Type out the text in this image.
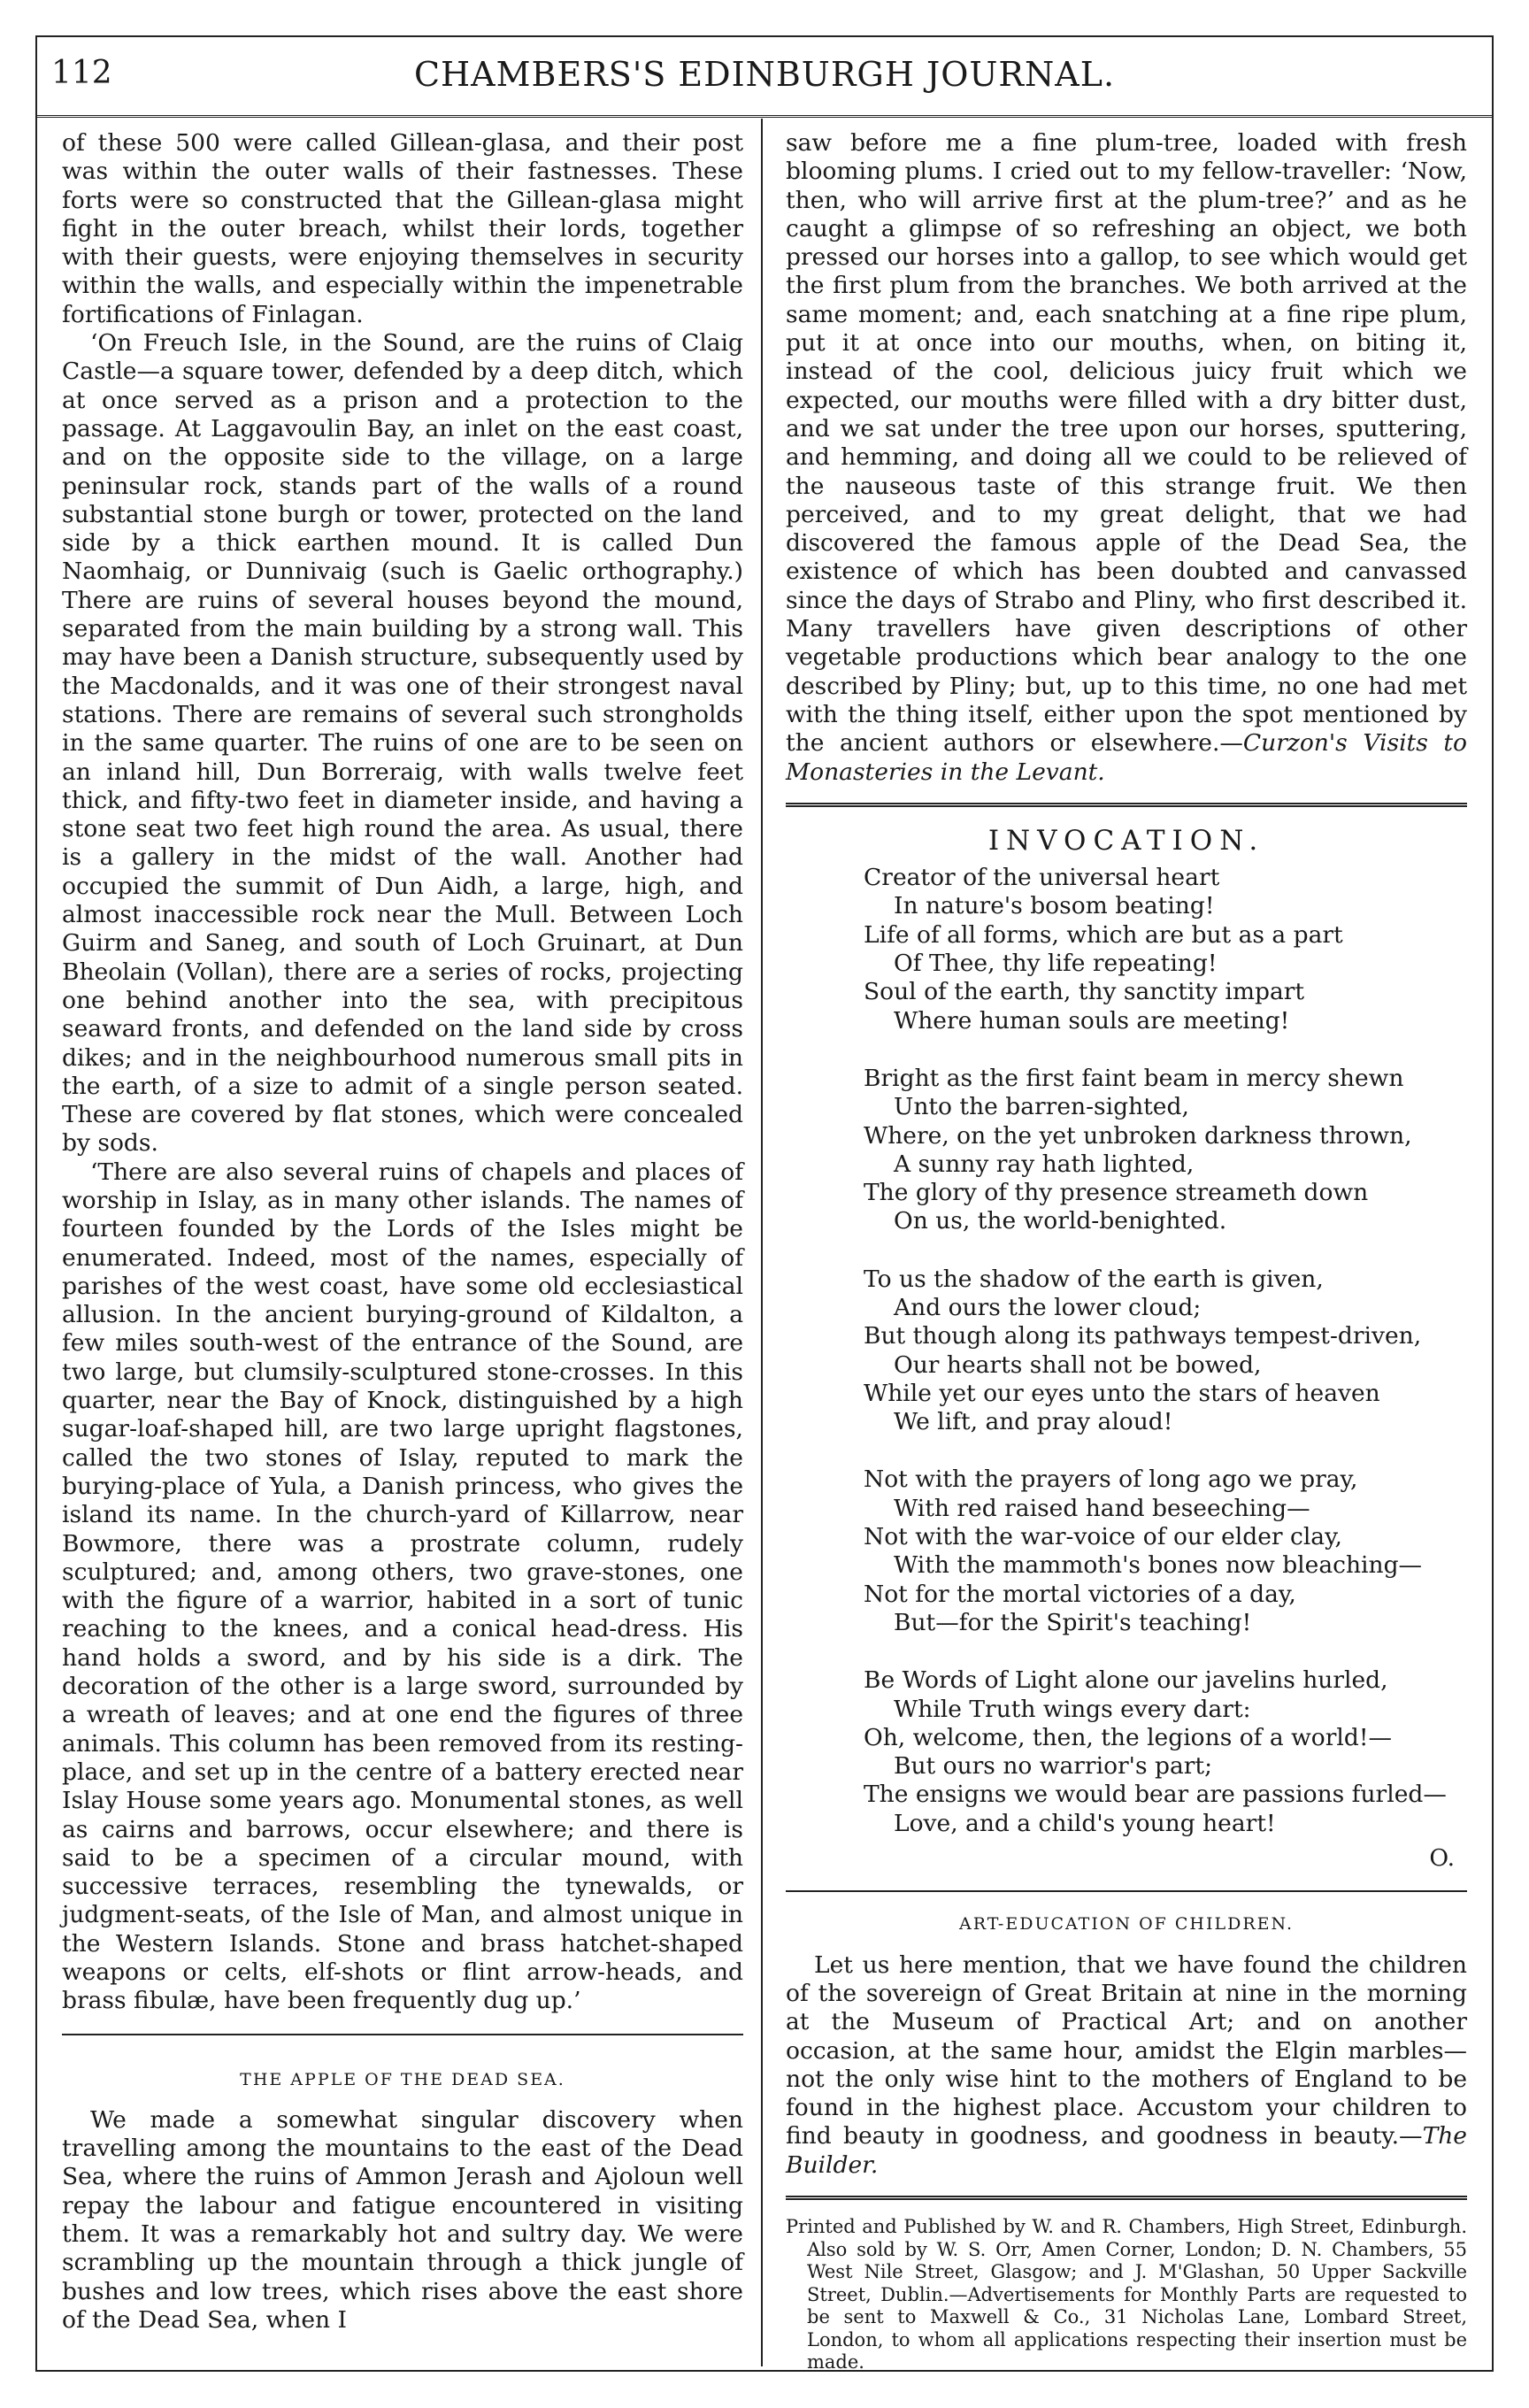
112	CHAMBERS'S EDINBURGH JOURNAL.

of these 500 were called Gillean-glasa, and their post was within the outer walls of their fastnesses. These forts were so constructed that the Gillean-glasa might fight in the outer breach, whilst their lords, together with their guests, were enjoying themselves in security within the walls, and especially within the impenetrable fortifications of Finlagan.

‘On Freuch Isle, in the Sound, are the ruins of Claig Castle—a square tower, defended by a deep ditch, which at once served as a prison and a protection to the passage. At Laggavoulin Bay, an inlet on the east coast, and on the opposite side to the village, on a large peninsular rock, stands part of the walls of a round substantial stone burgh or tower, protected on the land side by a thick earthen mound. It is called Dun Naomhaig, or Dunnivaig (such is Gaelic orthography.) There are ruins of several houses beyond the mound, separated from the main building by a strong wall. This may have been a Danish structure, subsequently used by the Macdonalds, and it was one of their strongest naval stations. There are remains of several such strongholds in the same quarter. The ruins of one are to be seen on an inland hill, Dun Borreraig, with walls twelve feet thick, and fifty-two feet in diameter inside, and having a stone seat two feet high round the area. As usual, there is a gallery in the midst of the wall. Another had occupied the summit of Dun Aidh, a large, high, and almost inaccessible rock near the Mull. Between Loch Guirm and Saneg, and south of Loch Gruinart, at Dun Bheolain (Vollan), there are a series of rocks, projecting one behind another into the sea, with precipitous seaward fronts, and defended on the land side by cross dikes; and in the neighbourhood numerous small pits in the earth, of a size to admit of a single person seated. These are covered by flat stones, which were concealed by sods.

‘There are also several ruins of chapels and places of worship in Islay, as in many other islands. The names of fourteen founded by the Lords of the Isles might be enumerated. Indeed, most of the names, especially of parishes of the west coast, have some old ecclesiastical allusion. In the ancient burying-ground of Kildalton, a few miles south-west of the entrance of the Sound, are two large, but clumsily-sculptured stone-crosses. In this quarter, near the Bay of Knock, distinguished by a high sugar-loaf-shaped hill, are two large upright flagstones, called the two stones of Islay, reputed to mark the burying-place of Yula, a Danish princess, who gives the island its name. In the church-yard of Killarrow, near Bowmore, there was a prostrate column, rudely sculptured; and, among others, two grave-stones, one with the figure of a warrior, habited in a sort of tunic reaching to the knees, and a conical head-dress. His hand holds a sword, and by his side is a dirk. The decoration of the other is a large sword, surrounded by a wreath of leaves; and at one end the figures of three animals. This column has been removed from its resting-place, and set up in the centre of a battery erected near Islay House some years ago. Monumental stones, as well as cairns and barrows, occur elsewhere; and there is said to be a specimen of a circular mound, with successive terraces, resembling the tynewalds, or judgment-seats, of the Isle of Man, and almost unique in the Western Islands. Stone and brass hatchet-shaped weapons or celts, elf-shots or flint arrow-heads, and brass fibulæ, have been frequently dug up.’

THE APPLE OF THE DEAD SEA.

We made a somewhat singular discovery when travelling among the mountains to the east of the Dead Sea, where the ruins of Ammon Jerash and Ajoloun well repay the labour and fatigue encountered in visiting them. It was a remarkably hot and sultry day. We were scrambling up the mountain through a thick jungle of bushes and low trees, which rises above the east shore of the Dead Sea, when I

saw before me a fine plum-tree, loaded with fresh blooming plums. I cried out to my fellow-traveller: ‘Now, then, who will arrive first at the plum-tree?’ and as he caught a glimpse of so refreshing an object, we both pressed our horses into a gallop, to see which would get the first plum from the branches. We both arrived at the same moment; and, each snatching at a fine ripe plum, put it at once into our mouths, when, on biting it, instead of the cool, delicious juicy fruit which we expected, our mouths were filled with a dry bitter dust, and we sat under the tree upon our horses, sputtering, and hemming, and doing all we could to be relieved of the nauseous taste of this strange fruit. We then perceived, and to my great delight, that we had discovered the famous apple of the Dead Sea, the existence of which has been doubted and canvassed since the days of Strabo and Pliny, who first described it. Many travellers have given descriptions of other vegetable productions which bear analogy to the one described by Pliny; but, up to this time, no one had met with the thing itself, either upon the spot mentioned by the ancient authors or elsewhere.—Curzon's Visits to Monasteries in the Levant.

INVOCATION.
Creator of the universal heart
In nature's bosom beating!
Life of all forms, which are but as a part
Of Thee, thy life repeating!
Soul of the earth, thy sanctity impart
Where human souls are meeting!
Bright as the first faint beam in mercy shewn
Unto the barren-sighted,
Where, on the yet unbroken darkness thrown,
A sunny ray hath lighted,
The glory of thy presence streameth down
On us, the world-benighted.
To us the shadow of the earth is given,
And ours the lower cloud;
But though along its pathways tempest-driven,
Our hearts shall not be bowed,
While yet our eyes unto the stars of heaven
We lift, and pray aloud!
Not with the prayers of long ago we pray,
With red raised hand beseeching—
Not with the war-voice of our elder clay,
With the mammoth's bones now bleaching—
Not for the mortal victories of a day,
But—for the Spirit's teaching!
Be Words of Light alone our javelins hurled,
While Truth wings every dart:
Oh, welcome, then, the legions of a world!—
But ours no warrior's part;
The ensigns we would bear are passions furled—
Love, and a child's young heart!
O.
ART-EDUCATION OF CHILDREN.

Let us here mention, that we have found the children of the sovereign of Great Britain at nine in the morning at the Museum of Practical Art; and on another occasion, at the same hour, amidst the Elgin marbles—not the only wise hint to the mothers of England to be found in the highest place. Accustom your children to find beauty in goodness, and goodness in beauty.—The Builder.

Printed and Published by W. and R. Chambers, High Street, Edinburgh. Also sold by W. S. Orr, Amen Corner, London; D. N. Chambers, 55 West Nile Street, Glasgow; and J. M'Glashan, 50 Upper Sackville Street, Dublin.—Advertisements for Monthly Parts are requested to be sent to Maxwell & Co., 31 Nicholas Lane, Lombard Street, London, to whom all applications respecting their insertion must be made.
